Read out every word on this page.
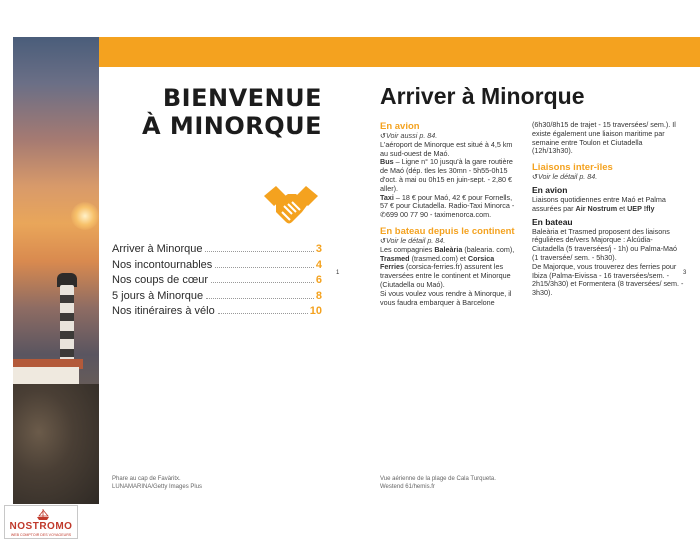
BIENVENUE
À MINORQUE
Arriver à Minorque	3
Nos incontournables	4
Nos coups de cœur	6
5 jours à Minorque	8
Nos itinéraires à vélo	10
1
Phare au cap de Favàritx.
LUNAMARINA/Getty Images Plus
Arriver à Minorque
En avion

↺ Voir aussi p. 84.

L'aéroport de Minorque est situé à 4,5 km au sud-ouest de Maó.

Bus – Ligne n° 10 jusqu'à la gare routière de Maó (dép. tles les 30mn - 5h55-0h15 d'oct. à mai ou 0h15 en juin-sept. - 2,80 € aller).

Taxi – 18 € pour Maó, 42 € pour Fornells, 57 € pour Ciutadella. Radio-Taxi Minorca - ✆699 00 77 90 - taximenorca.com.

En bateau depuis le continent

↺ Voir le détail p. 84.

Les compagnies Baleària (balearia. com), Trasmed (trasmed.com) et Corsica Ferries (corsica-ferries.fr) assurent les traversées entre le continent et Minorque (Ciutadella ou Maó).

Si vous voulez vous rendre à Minorque, il vous faudra embarquer à Barcelone

(6h30/8h15 de trajet - 15 traversées/ sem.). Il existe également une liaison maritime par semaine entre Toulon et Ciutadella (12h/13h30).

Liaisons inter-îles

↺ Voir le détail p. 84.

En avion

Liaisons quotidiennes entre Maó et Palma assurées par Air Nostrum et UEP !fly

En bateau

Baleària et Trasmed proposent des liaisons régulières de/vers Majorque : Alcúdia-Ciutadella (5 traversées/j - 1h) ou Palma-Maó (1 traversée/ sem. - 5h30).

De Majorque, vous trouverez des ferries pour Ibiza (Palma-Eivissa - 16 traversées/sem. - 2h15/3h30) et Formentera (8 traversées/ sem. - 3h30).

3
Vue aérienne de la plage de Cala Turqueta.
Westend 61/hemis.fr
NOSTROMO
WEB COMPTOIR DES VOYAGEURS
